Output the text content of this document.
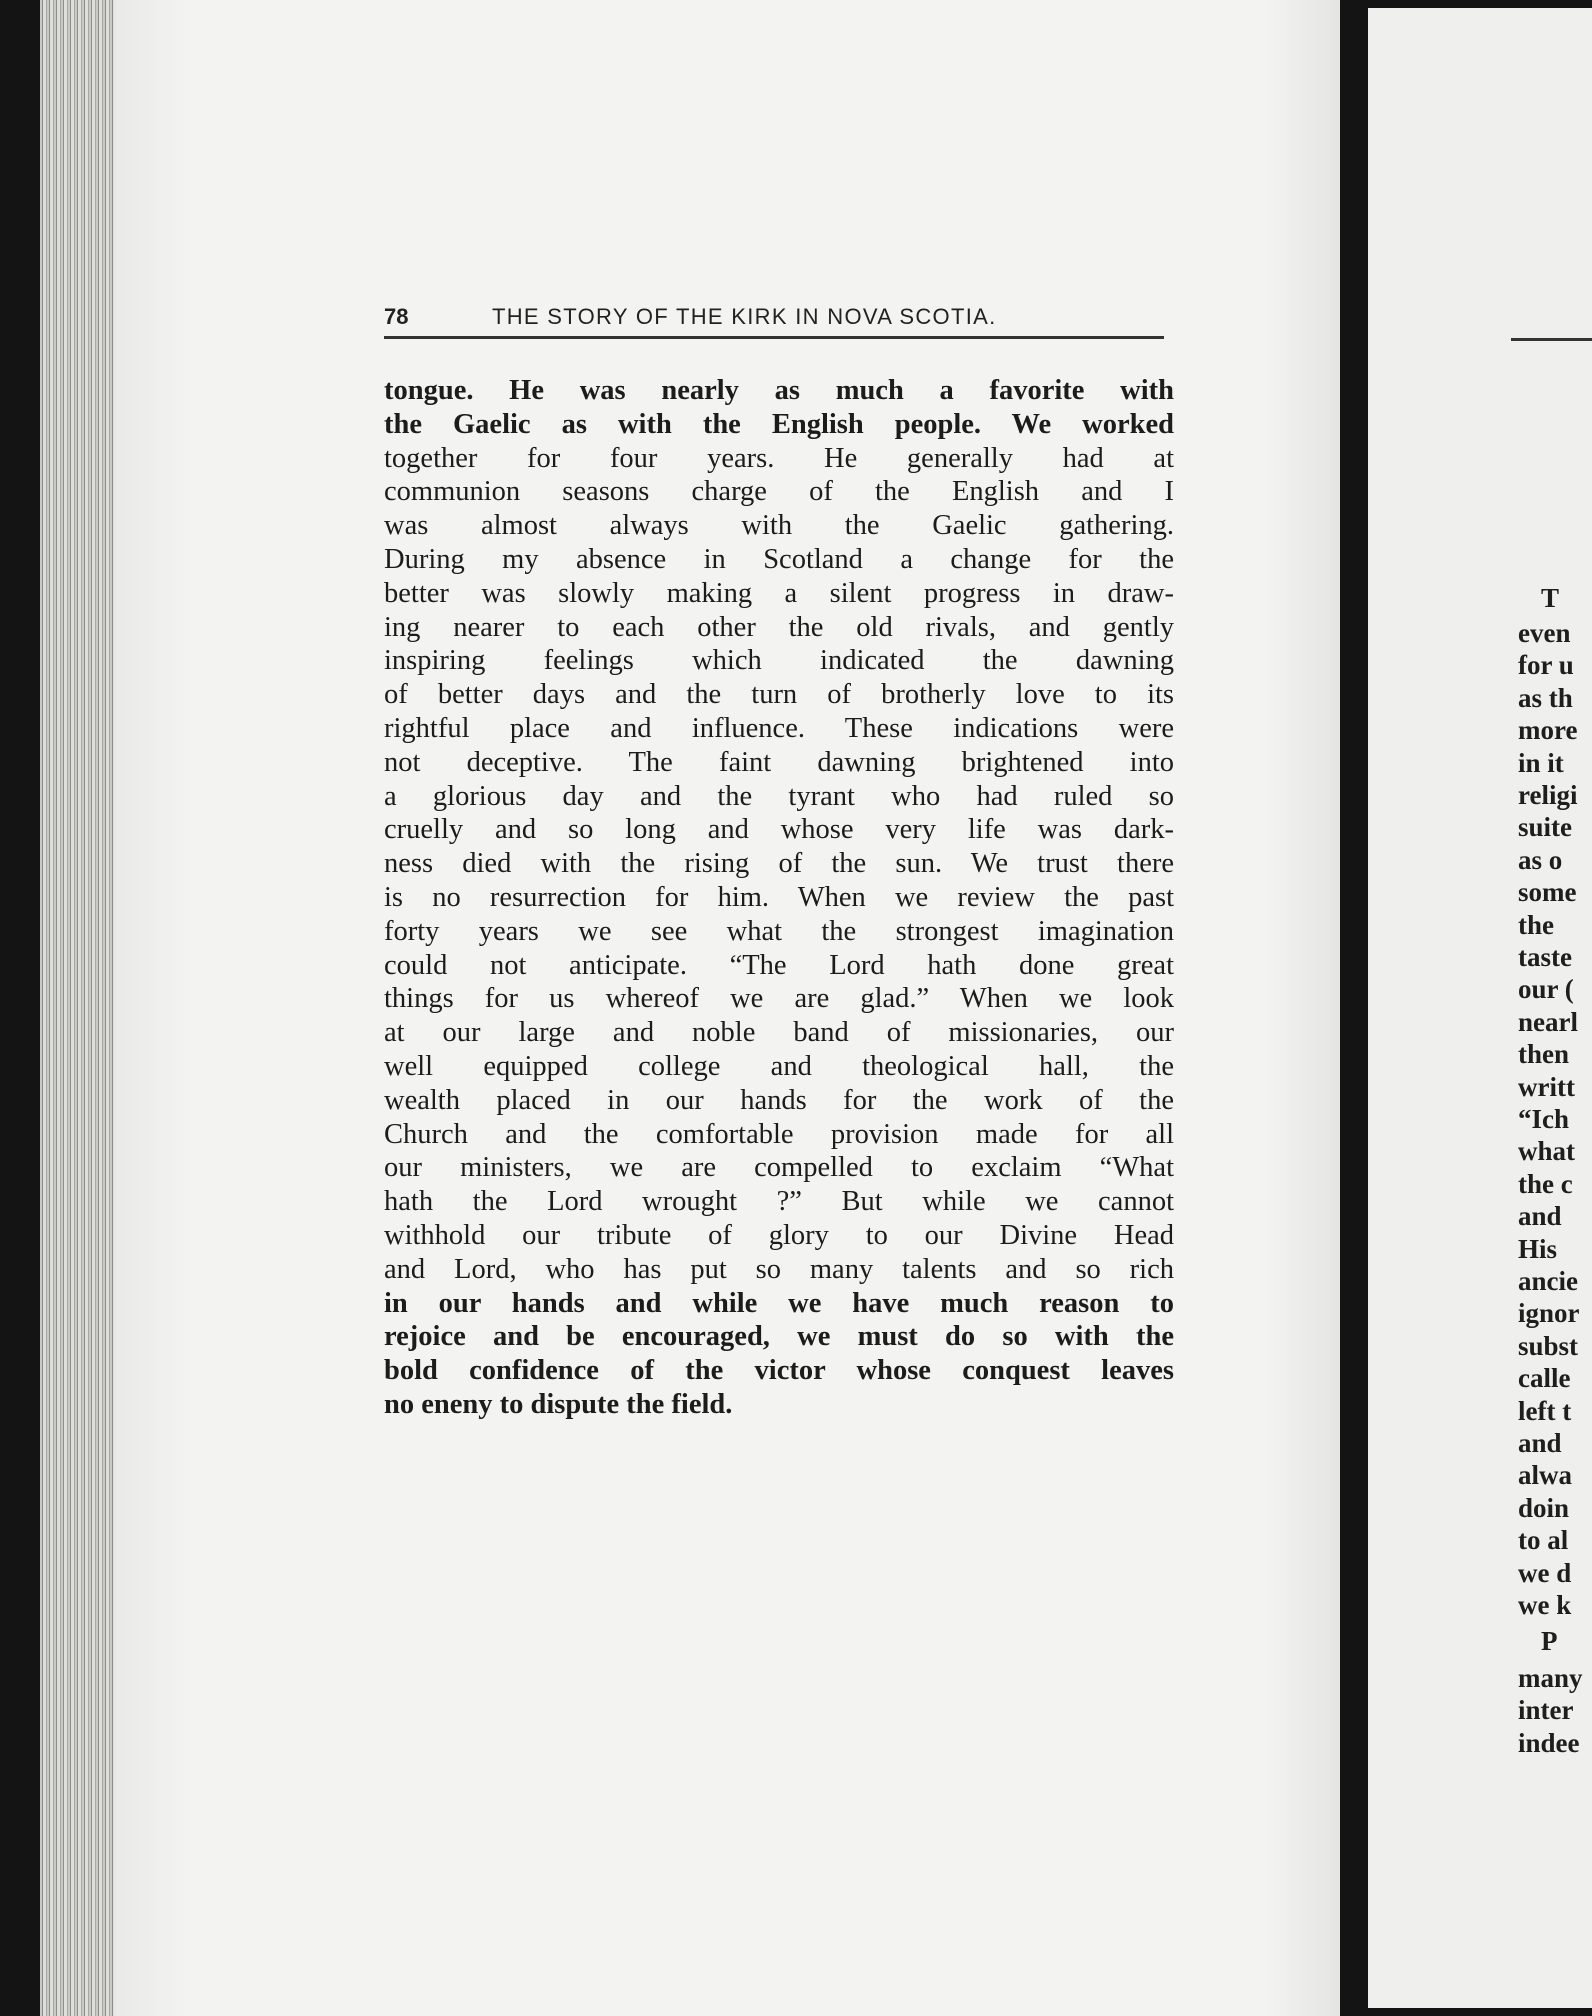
T
even
for u
as th
more
in it
religi
suite
as o
some
the
taste
our (
nearl
then
writt
“Ich
what
the c
and
His
ancie
ignor
subst
calle
left t
and
alwa
doin
to al
we d
we k
P
many
inter
indee
78	THE STORY OF THE KIRK IN NOVA SCOTIA.
tongue. He was nearly as much a favorite with
the Gaelic as with the English people. We worked
together for four years. He generally had at
communion seasons charge of the English and I
was almost always with the Gaelic gathering.
During my absence in Scotland a change for the
better was slowly making a silent progress in draw-
ing nearer to each other the old rivals, and gently
inspiring feelings which indicated the dawning
of better days and the turn of brotherly love to its
rightful place and influence. These indications were
not deceptive. The faint dawning brightened into
a glorious day and the tyrant who had ruled so
cruelly and so long and whose very life was dark-
ness died with the rising of the sun. We trust there
is no resurrection for him. When we review the past
forty years we see what the strongest imagination
could not anticipate. “The Lord hath done great
things for us whereof we are glad.” When we look
at our large and noble band of missionaries, our
well equipped college and theological hall, the
wealth placed in our hands for the work of the
Church and the comfortable provision made for all
our ministers, we are compelled to exclaim “What
hath the Lord wrought ?” But while we cannot
withhold our tribute of glory to our Divine Head
and Lord, who has put so many talents and so rich
in our hands and while we have much reason to
rejoice and be encouraged, we must do so with the
bold confidence of the victor whose conquest leaves
no eneny to dispute the field.
